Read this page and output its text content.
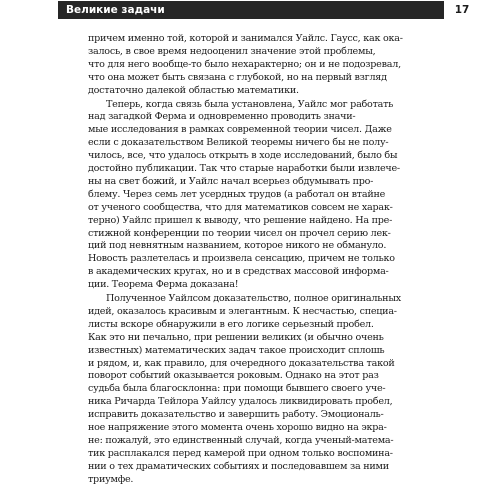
Великие задачи	17
причем именно той, которой и занимался Уайлс. Гаусс, как ока-
залось, в свое время недооценил значение этой проблемы,
что для него вообще-то было нехарактерно; он и не подозревал,
что она может быть связана с глубокой, но на первый взгляд
достаточно далекой областью математики.
Теперь, когда связь была установлена, Уайлс мог работать
над загадкой Ферма и одновременно проводить значи-
мые исследования в рамках современной теории чисел. Даже
если с доказательством Великой теоремы ничего бы не полу-
чилось, все, что удалось открыть в ходе исследований, было бы
достойно публикации. Так что старые наработки были извлече-
ны на свет божий, и Уайлс начал всерьез обдумывать про-
блему. Через семь лет усердных трудов (а работал он втайне
от ученого сообщества, что для математиков совсем не харак-
терно) Уайлс пришел к выводу, что решение найдено. На пре-
стижной конференции по теории чисел он прочел серию лек-
ций под невнятным названием, которое никого не обмануло.
Новость разлетелась и произвела сенсацию, причем не только
в академических кругах, но и в средствах массовой информа-
ции. Теорема Ферма доказана!
Полученное Уайлсом доказательство, полное оригинальных
идей, оказалось красивым и элегантным. К несчастью, специа-
листы вскоре обнаружили в его логике серьезный пробел.
Как это ни печально, при решении великих (и обычно очень
известных) математических задач такое происходит сплошь
и рядом, и, как правило, для очередного доказательства такой
поворот событий оказывается роковым. Однако на этот раз
судьба была благосклонна: при помощи бывшего своего уче-
ника Ричарда Тейлора Уайлсу удалось ликвидировать пробел,
исправить доказательство и завершить работу. Эмоциональ-
ное напряжение этого момента очень хорошо видно на экра-
не: пожалуй, это единственный случай, когда ученый-матема-
тик расплакался перед камерой при одном только воспомина-
нии о тех драматических событиях и последовавшем за ними
триумфе.
